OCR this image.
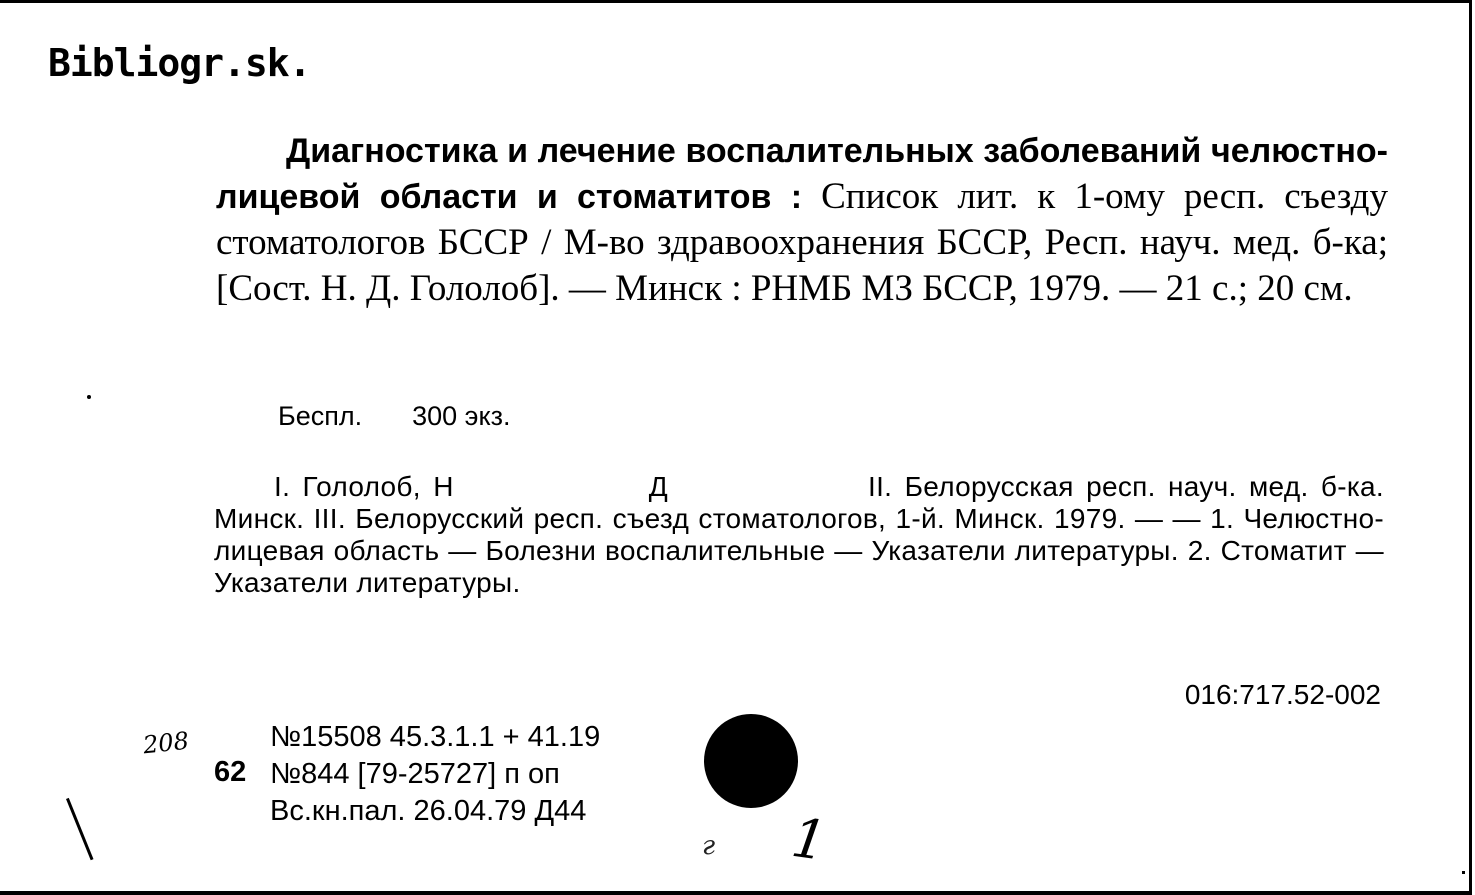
Bibliogr.sk.
Диагностика и лечение воспалительных заболеваний челюстно-лицевой области и стоматитов : Список лит. к 1-ому респ. съезду стоматологов БССР / М-во здравоохранения БССР, Респ. науч. мед. б-ка; [Сост. Н. Д. Гололоб]. — Минск : РНМБ МЗ БССР, 1979. — 21 с.; 20 см.
Беспл. 300 экз.
I. Гололоб, Н	Д	II. Белорусская респ. науч. мед. б-ка. Минск. III. Белорусский респ. съезд стоматологов, 1-й. Минск. 1979. — — 1. Челюстно-лицевая область — Болезни воспалительные — Указатели литературы. 2. Стоматит — Указатели литературы.
016:717.52-002
208
62
№15508 45.3.1.1 + 41.19
№844 [79-25727] п оп
Вс.кн.пал. 26.04.79 Д44
г 1
